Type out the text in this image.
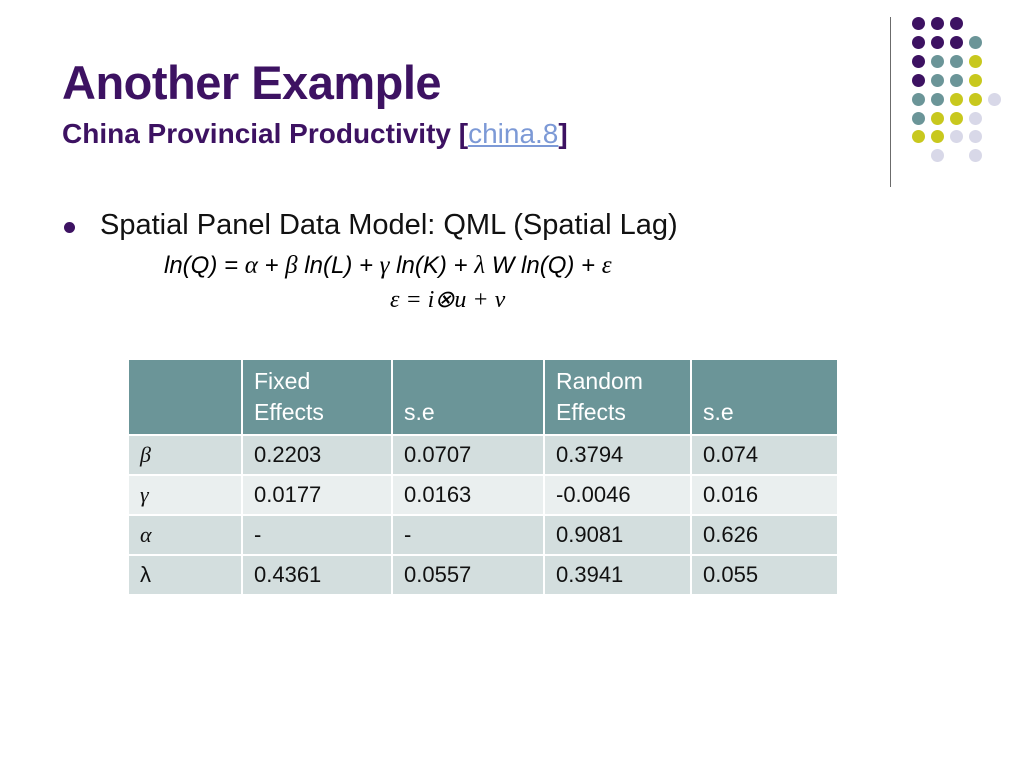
Another Example
China Provincial Productivity [china.8]
Spatial Panel Data Model: QML (Spatial Lag)
ln(Q) = α + β ln(L) + γ ln(K) + λ W ln(Q) + ε
ε = i⊗u + v
	Fixed Effects	s.e	Random Effects	s.e
β	0.2203	0.0707	0.3794	0.074
γ	0.0177	0.0163	-0.0046	0.016
α	-	-	0.9081	0.626
λ	0.4361	0.0557	0.3941	0.055
